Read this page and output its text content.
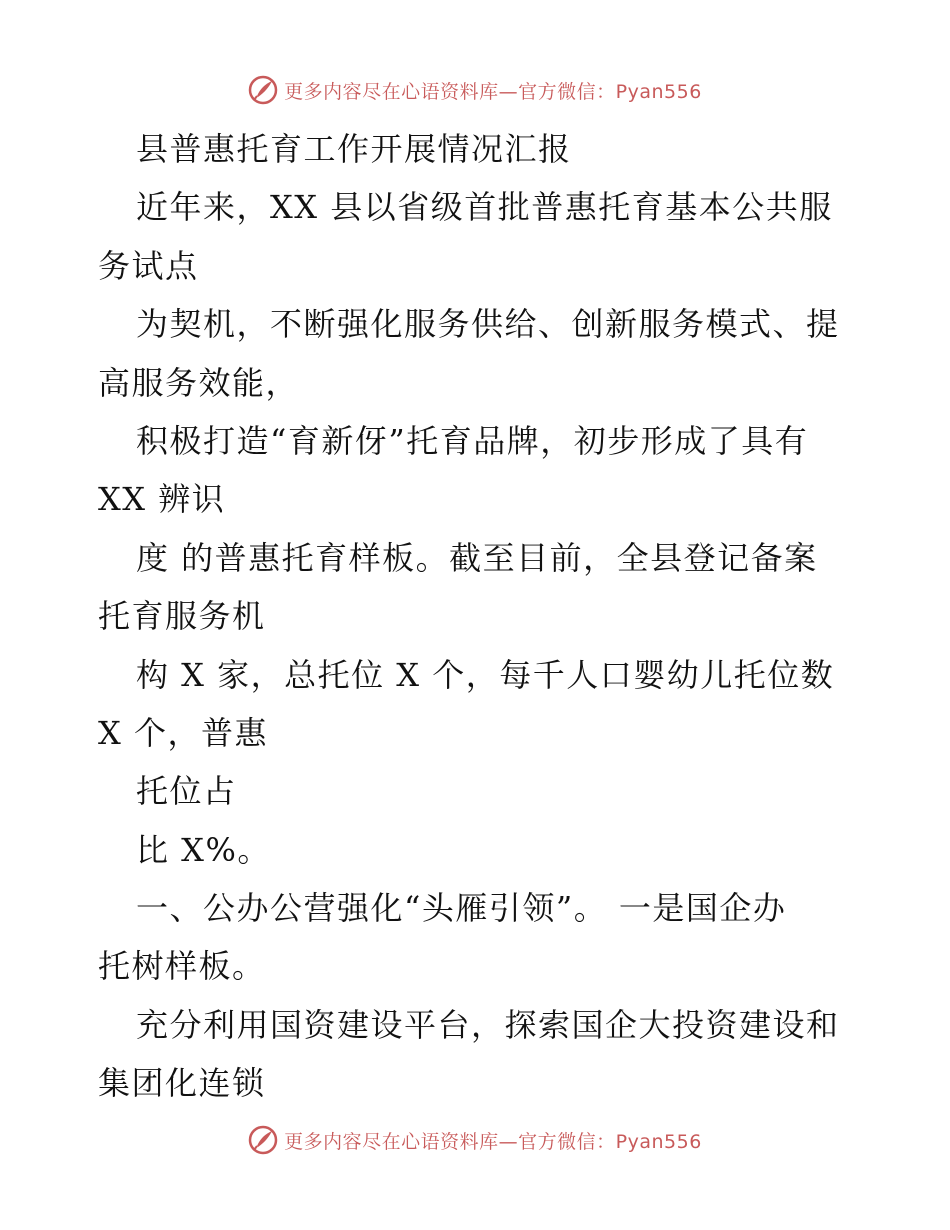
更多内容尽在心语资料库—官方微信：Pyan556
县普惠托育工作开展情况汇报
近年来，XX 县以省级首批普惠托育基本公共服
务试点
为契机，不断强化服务供给、创新服务模式、提
高服务效能，
积极打造“育新伢”托育品牌，初步形成了具有
XX 辨识
度 的普惠托育样板。截至目前，全县登记备案
托育服务机
构 X 家，总托位 X 个，每千人口婴幼儿托位数
X 个，普惠
托位占
比 X%。
一、公办公营强化“头雁引领”。 一是国企办
托树样板。
充分利用国资建设平台，探索国企大投资建设和
集团化连锁
更多内容尽在心语资料库—官方微信：Pyan556
